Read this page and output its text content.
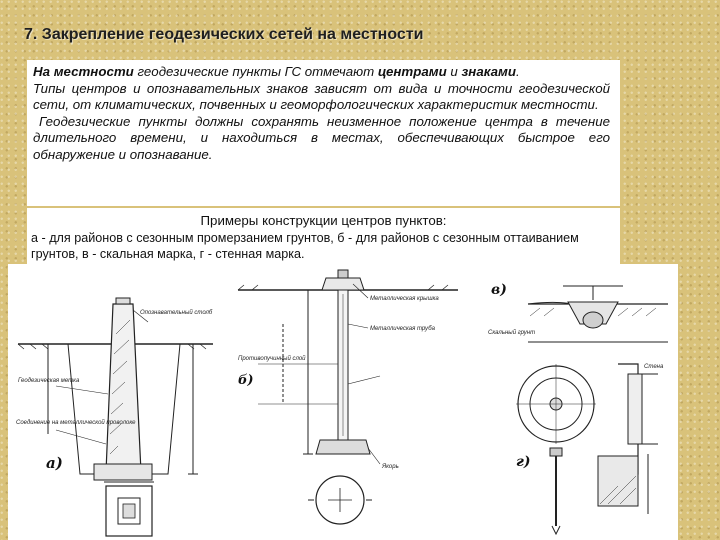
7. Закрепление геодезических сетей на местности

На местности геодезические пункты ГС отмечают центрами и знаками.

Типы центров и опознавательных знаков зависят от вида и точности геодезической сети, от климатических, почвенных и геоморфологических характеристик местности.

Геодезические пункты должны сохранять неизменное положение центра в течение длительного времени, и находиться в местах, обеспечивающих быстрое его обнаружение и опознавание.

Примеры конструкции центров пунктов:
а - для районов с сезонным промерзанием грунтов, б - для районов с сезонным оттаиванием грунтов, в - скальная марка, г - стенная марка.
а)
б)
в)
г)
Опознавательный столб
Геодезическая метка
Соединение на металлической проволоке
Металлическая крышка
Металлическая труба
Противопучинный слой
Якорь
Скальный грунт
Стена
